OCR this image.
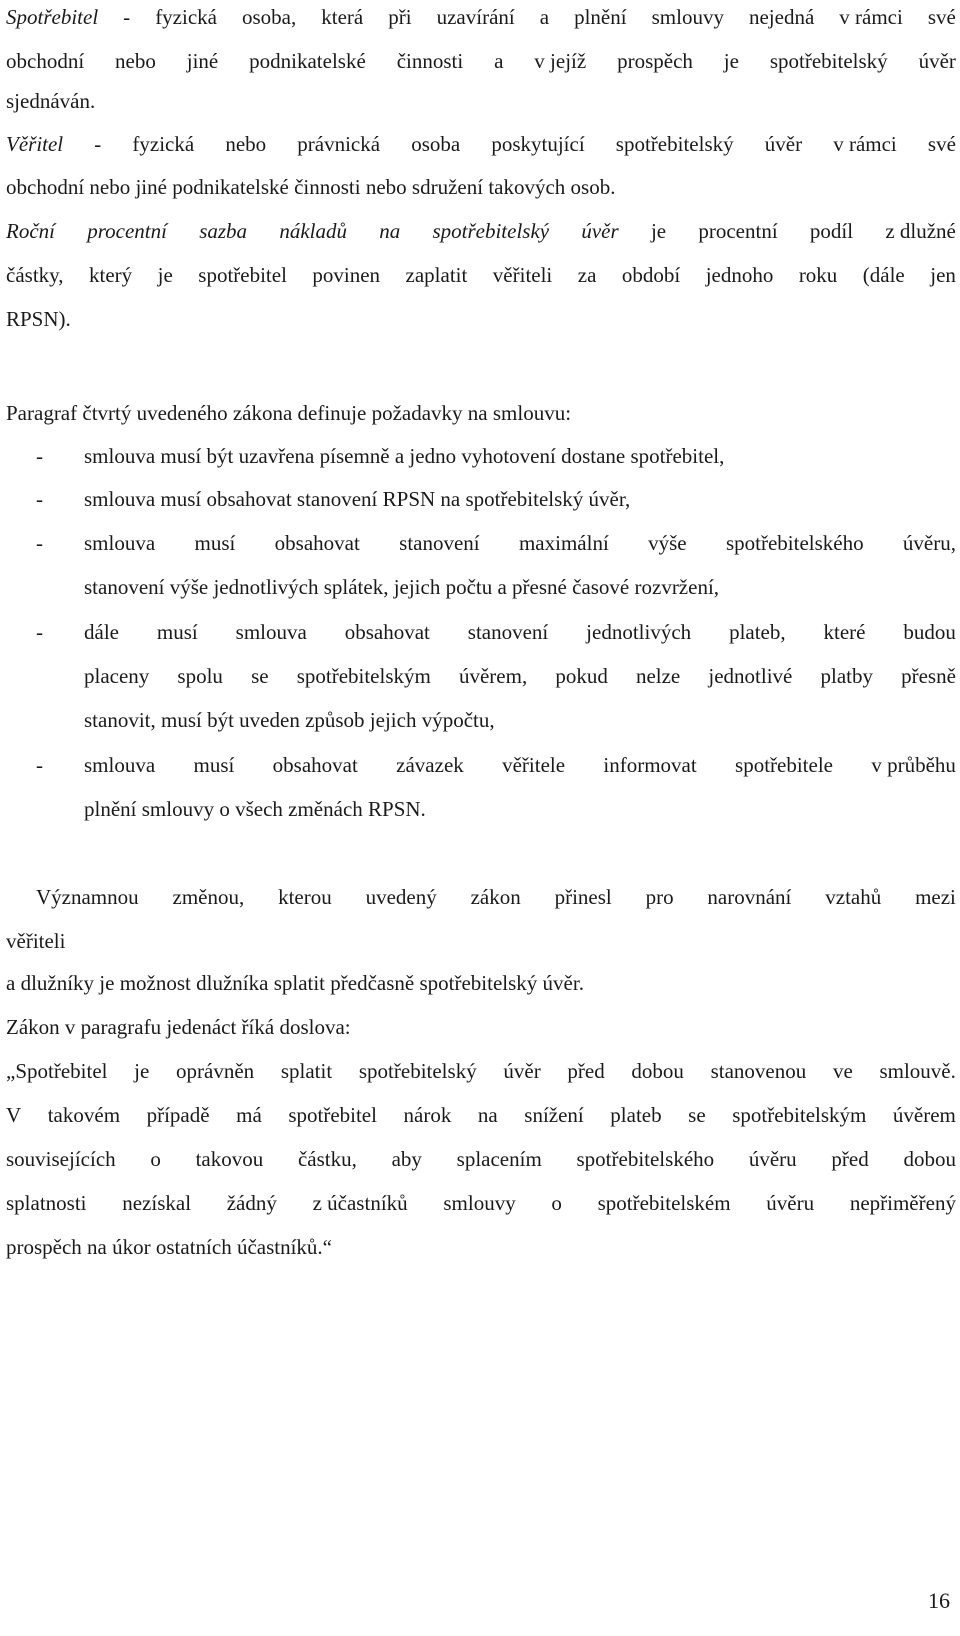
Spotřebitel - fyzická osoba, která při uzavírání a plnění smlouvy nejedná v rámci své
obchodní nebo jiné podnikatelské činnosti a v jejíž prospěch je spotřebitelský úvěr
sjednáván.
Věřitel - fyzická nebo právnická osoba poskytující spotřebitelský úvěr v rámci své
obchodní nebo jiné podnikatelské činnosti nebo sdružení takových osob.
Roční procentní sazba nákladů na spotřebitelský úvěr je procentní podíl z dlužné
částky, který je spotřebitel povinen zaplatit věřiteli za období jednoho roku (dále jen
RPSN).
Paragraf čtvrtý uvedeného zákona definuje požadavky na smlouvu:
- smlouva musí být uzavřena písemně a jedno vyhotovení dostane spotřebitel,
- smlouva musí obsahovat stanovení RPSN na spotřebitelský úvěr,
- smlouva musí obsahovat stanovení maximální výše spotřebitelského úvěru,
stanovení výše jednotlivých splátek, jejich počtu a přesné časové rozvržení,
- dále musí smlouva obsahovat stanovení jednotlivých plateb, které budou
placeny spolu se spotřebitelským úvěrem, pokud nelze jednotlivé platby přesně
stanovit, musí být uveden způsob jejich výpočtu,
- smlouva musí obsahovat závazek věřitele informovat spotřebitele v průběhu
plnění smlouvy o všech změnách RPSN.
Významnou změnou, kterou uvedený zákon přinesl pro narovnání vztahů mezi
věřiteli
a dlužníky je možnost dlužníka splatit předčasně spotřebitelský úvěr.
Zákon v paragrafu jedenáct říká doslova:
„Spotřebitel je oprávněn splatit spotřebitelský úvěr před dobou stanovenou ve smlouvě.
V takovém případě má spotřebitel nárok na snížení plateb se spotřebitelským úvěrem
souvisejících o takovou částku, aby splacením spotřebitelského úvěru před dobou
splatnosti nezískal žádný z účastníků smlouvy o spotřebitelském úvěru nepřiměřený
prospěch na úkor ostatních účastníků.“
16
